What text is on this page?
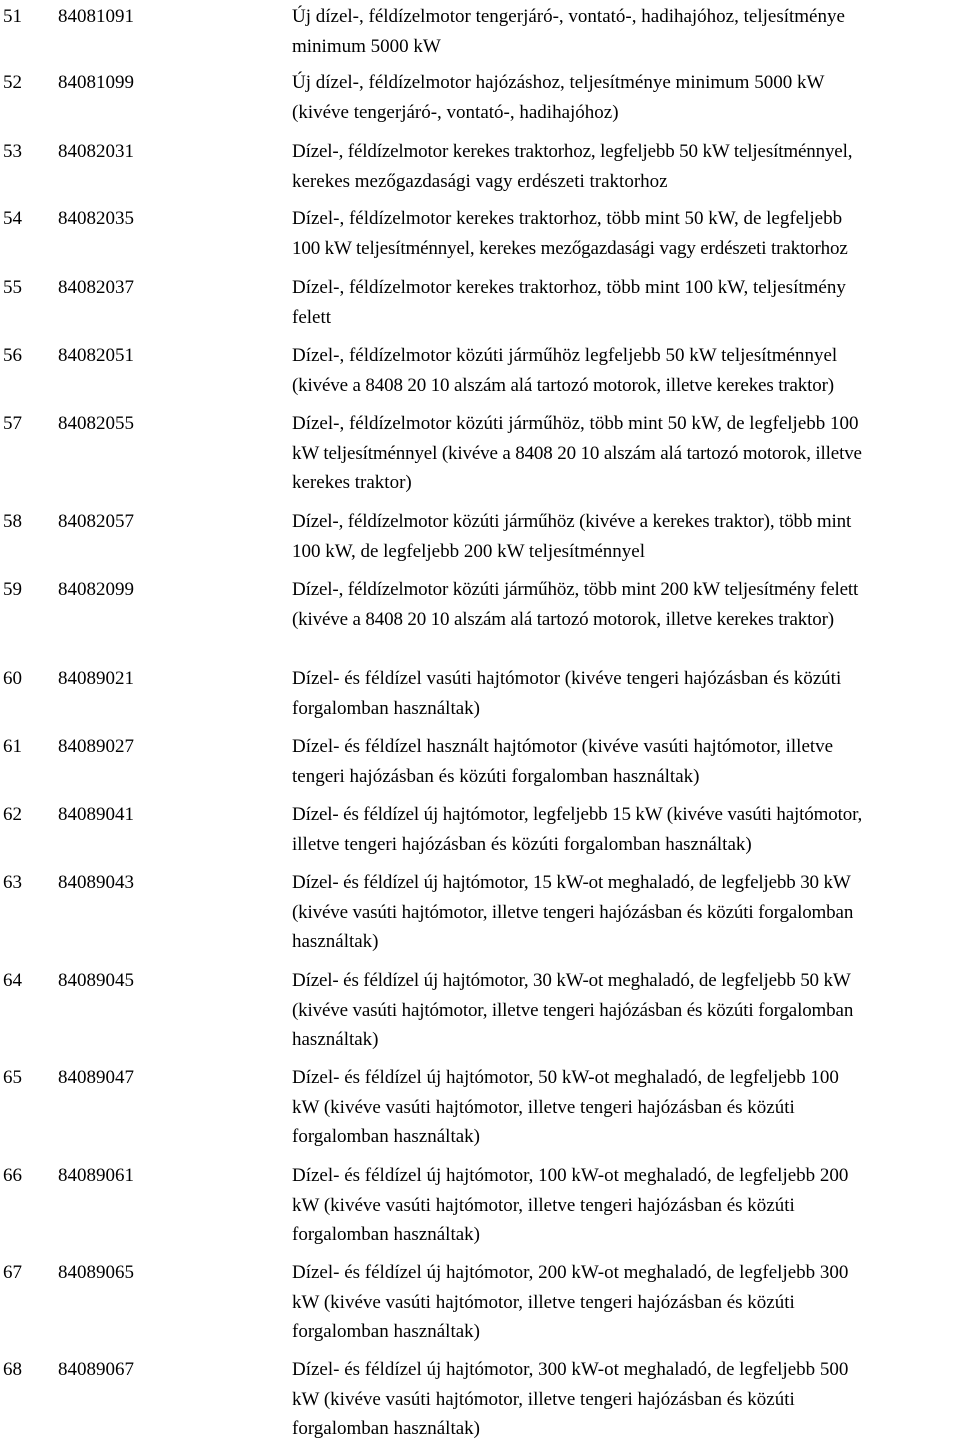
51 84081091	Új dízel-, féldízelmotor tengerjáró-, vontató-, hadihajóhoz, teljesítménye
minimum 5000 kW
52 84081099	Új dízel-, féldízelmotor hajózáshoz, teljesítménye minimum 5000 kW
(kivéve tengerjáró-, vontató-, hadihajóhoz)
53 84082031	Dízel-, féldízelmotor kerekes traktorhoz, legfeljebb 50 kW teljesítménnyel,
kerekes mezőgazdasági vagy erdészeti traktorhoz
54 84082035	Dízel-, féldízelmotor kerekes traktorhoz, több mint 50 kW, de legfeljebb
100 kW teljesítménnyel, kerekes mezőgazdasági vagy erdészeti traktorhoz
55 84082037	Dízel-, féldízelmotor kerekes traktorhoz, több mint 100 kW, teljesítmény
felett
56 84082051	Dízel-, féldízelmotor közúti járműhöz legfeljebb 50 kW teljesítménnyel
(kivéve a 8408 20 10 alszám alá tartozó motorok, illetve kerekes traktor)
57 84082055	Dízel-, féldízelmotor közúti járműhöz, több mint 50 kW, de legfeljebb 100
kW teljesítménnyel (kivéve a 8408 20 10 alszám alá tartozó motorok, illetve
kerekes traktor)
58 84082057	Dízel-, féldízelmotor közúti járműhöz (kivéve a kerekes traktor), több mint
100 kW, de legfeljebb 200 kW teljesítménnyel
59 84082099	Dízel-, féldízelmotor közúti járműhöz, több mint 200 kW teljesítmény felett
(kivéve a 8408 20 10 alszám alá tartozó motorok, illetve kerekes traktor)
60 84089021	Dízel- és féldízel vasúti hajtómotor (kivéve tengeri hajózásban és közúti
forgalomban használtak)
61 84089027	Dízel- és féldízel használt hajtómotor (kivéve vasúti hajtómotor, illetve
tengeri hajózásban és közúti forgalomban használtak)
62 84089041	Dízel- és féldízel új hajtómotor, legfeljebb 15 kW (kivéve vasúti hajtómotor,
illetve tengeri hajózásban és közúti forgalomban használtak)
63 84089043	Dízel- és féldízel új hajtómotor, 15 kW-ot meghaladó, de legfeljebb 30 kW
(kivéve vasúti hajtómotor, illetve tengeri hajózásban és közúti forgalomban
használtak)
64 84089045	Dízel- és féldízel új hajtómotor, 30 kW-ot meghaladó, de legfeljebb 50 kW
(kivéve vasúti hajtómotor, illetve tengeri hajózásban és közúti forgalomban
használtak)
65 84089047	Dízel- és féldízel új hajtómotor, 50 kW-ot meghaladó, de legfeljebb 100
kW (kivéve vasúti hajtómotor, illetve tengeri hajózásban és közúti
forgalomban használtak)
66 84089061	Dízel- és féldízel új hajtómotor, 100 kW-ot meghaladó, de legfeljebb 200
kW (kivéve vasúti hajtómotor, illetve tengeri hajózásban és közúti
forgalomban használtak)
67 84089065	Dízel- és féldízel új hajtómotor, 200 kW-ot meghaladó, de legfeljebb 300
kW (kivéve vasúti hajtómotor, illetve tengeri hajózásban és közúti
forgalomban használtak)
68 84089067	Dízel- és féldízel új hajtómotor, 300 kW-ot meghaladó, de legfeljebb 500
kW (kivéve vasúti hajtómotor, illetve tengeri hajózásban és közúti
forgalomban használtak)
